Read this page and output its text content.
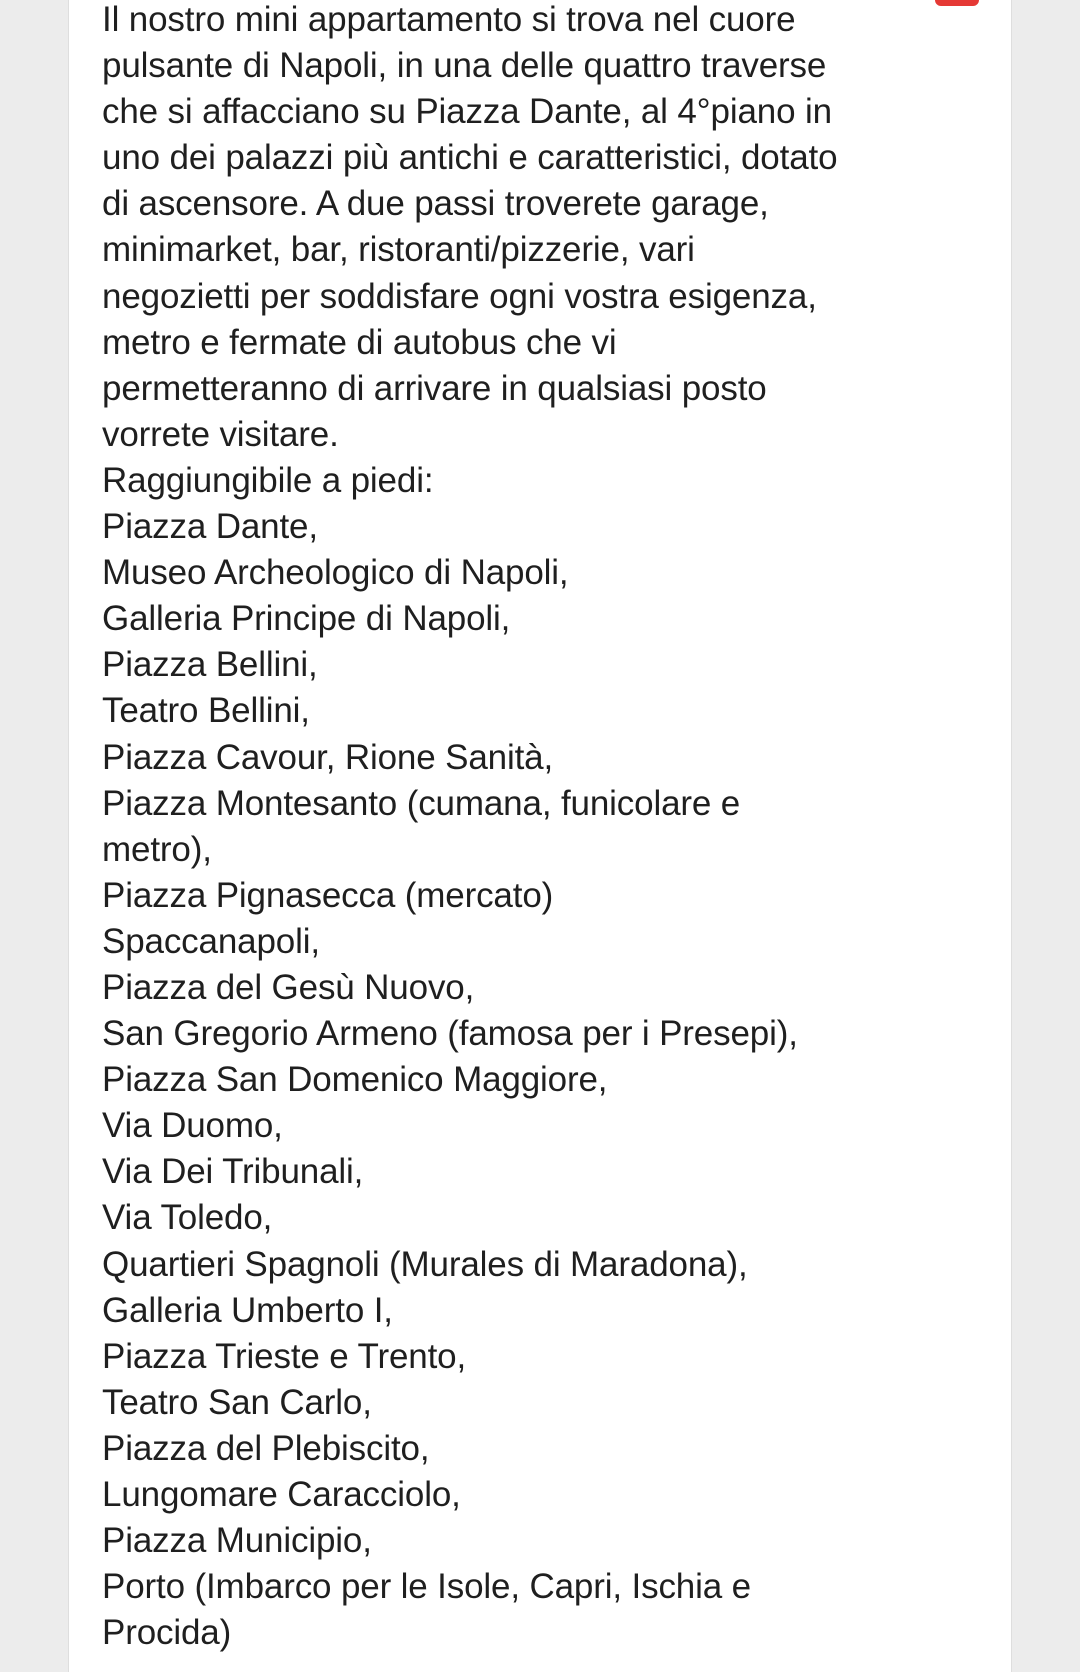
Il nostro mini appartamento si trova nel cuore
pulsante di Napoli, in una delle quattro traverse
che si affacciano su Piazza Dante, al 4°piano in
uno dei palazzi più antichi e caratteristici, dotato
di ascensore. A due passi troverete garage,
minimarket, bar, ristoranti/pizzerie, vari
negozietti per soddisfare ogni vostra esigenza,
metro e fermate di autobus che vi
permetteranno di arrivare in qualsiasi posto
vorrete visitare.
Raggiungibile a piedi:
Piazza Dante,
Museo Archeologico di Napoli,
Galleria Principe di Napoli,
Piazza Bellini,
Teatro Bellini,
Piazza Cavour, Rione Sanità,
Piazza Montesanto (cumana, funicolare e
metro),
Piazza Pignasecca (mercato)
Spaccanapoli,
Piazza del Gesù Nuovo,
San Gregorio Armeno (famosa per i Presepi),
Piazza San Domenico Maggiore,
Via Duomo,
Via Dei Tribunali,
Via Toledo,
Quartieri Spagnoli (Murales di Maradona),
Galleria Umberto I,
Piazza Trieste e Trento,
Teatro San Carlo,
Piazza del Plebiscito,
Lungomare Caracciolo,
Piazza Municipio,
Porto (Imbarco per le Isole, Capri, Ischia e
Procida)
